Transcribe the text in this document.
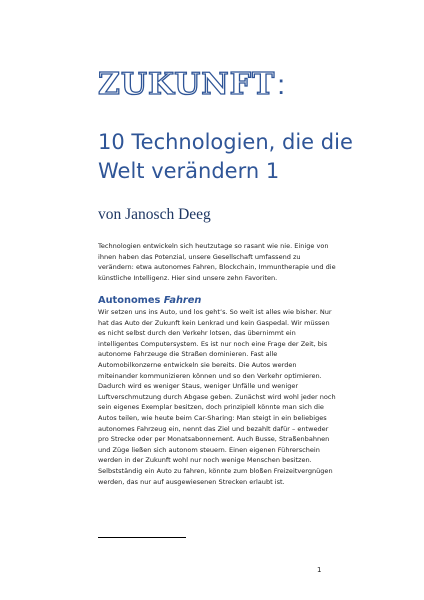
ZUKUNFT:
10 Technologien, die die Welt verändern 1

von Janosch Deeg

Technologien entwickeln sich heutzutage so rasant wie nie. Einige von ihnen haben das Potenzial, unsere Gesellschaft umfassend zu verändern: etwa autonomes Fahren, Blockchain, Immuntherapie und die künstliche Intelligenz. Hier sind unsere zehn Favoriten.

Autonomes Fahren

Wir setzen uns ins Auto, und los geht’s. So weit ist alles wie bisher. Nur hat das Auto der Zukunft kein Lenkrad und kein Gaspedal. Wir müssen es nicht selbst durch den Verkehr lotsen, das übernimmt ein intelligentes Computersystem. Es ist nur noch eine Frage der Zeit, bis autonome Fahrzeuge die Straßen dominieren. Fast alle Automobilkonzerne entwickeln sie bereits. Die Autos werden miteinander kommunizieren können und so den Verkehr optimieren. Dadurch wird es weniger Staus, weniger Unfälle und weniger Luftverschmutzung durch Abgase geben. Zunächst wird wohl jeder noch sein eigenes Exemplar besitzen, doch prinzipiell könnte man sich die Autos teilen, wie heute beim Car-Sharing: Man steigt in ein beliebiges autonomes Fahrzeug ein, nennt das Ziel und bezahlt dafür – entweder pro Strecke oder per Monatsabonnement. Auch Busse, Straßenbahnen und Züge ließen sich autonom steuern. Einen eigenen Führerschein werden in der Zukunft wohl nur noch wenige Menschen besitzen. Selbstständig ein Auto zu fahren, könnte zum bloßen Freizeitvergnügen werden, das nur auf ausgewiesenen Strecken erlaubt ist.

1
